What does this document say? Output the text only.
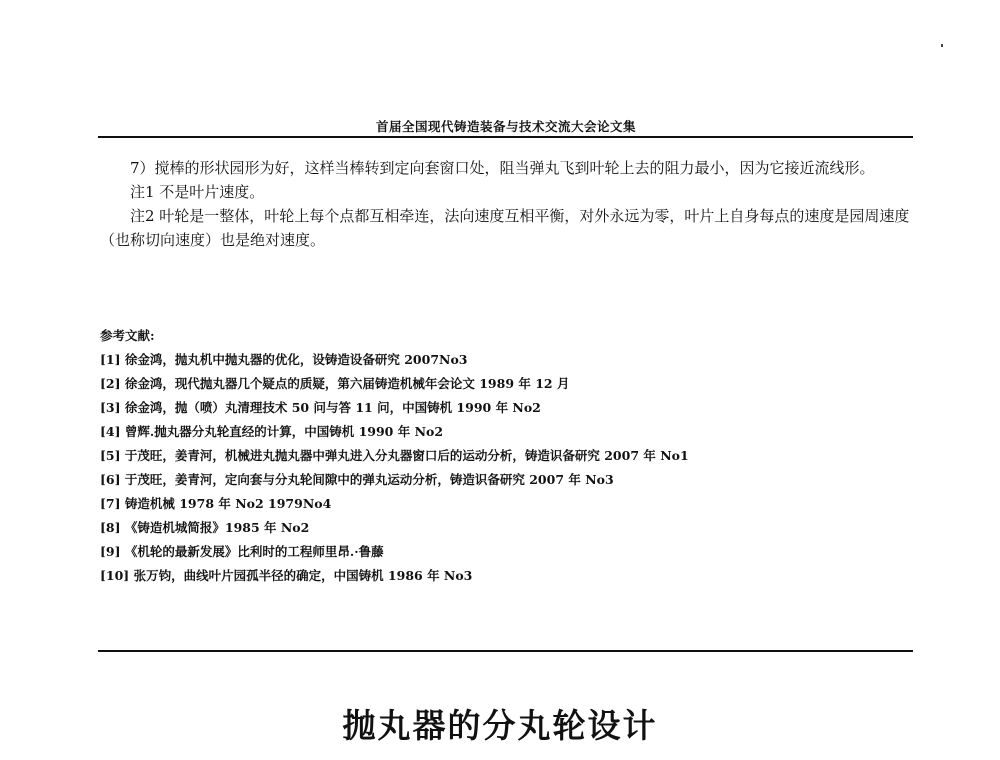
首届全国现代铸造装备与技术交流大会论文集

7）搅棒的形状园形为好，这样当棒转到定向套窗口处，阻当弹丸飞到叶轮上去的阻力最小，因为它接近流线形。

注1 不是叶片速度。

注2 叶轮是一整体，叶轮上每个点都互相牵连，法向速度互相平衡，对外永远为零，叶片上自身每点的速度是园周速度（也称切向速度）也是绝对速度。

参考文献:

[1] 徐金鸿，抛丸机中抛丸器的优化，设铸造设备研究 2007No3
[2] 徐金鸿，现代抛丸器几个疑点的质疑，第六届铸造机械年会论文 1989 年 12 月
[3] 徐金鸿，抛（喷）丸清理技术 50 问与答 11 问，中国铸机 1990 年 No2
[4] 曾辉.抛丸器分丸轮直经的计算，中国铸机 1990 年 No2
[5] 于茂旺，姜青河，机械进丸抛丸器中弹丸进入分丸器窗口后的运动分析，铸造识备研究 2007 年 No1
[6] 于茂旺，姜青河，定向套与分丸轮间隙中的弹丸运动分析，铸造识备研究 2007 年 No3
[7] 铸造机械 1978 年 No2 1979No4
[8] 《铸造机城简报》1985 年 No2
[9] 《机轮的最新发展》比利时的工程师里昂.·鲁藤
[10] 张万钧，曲线叶片园孤半径的确定，中国铸机 1986 年 No3
抛丸器的分丸轮设计
